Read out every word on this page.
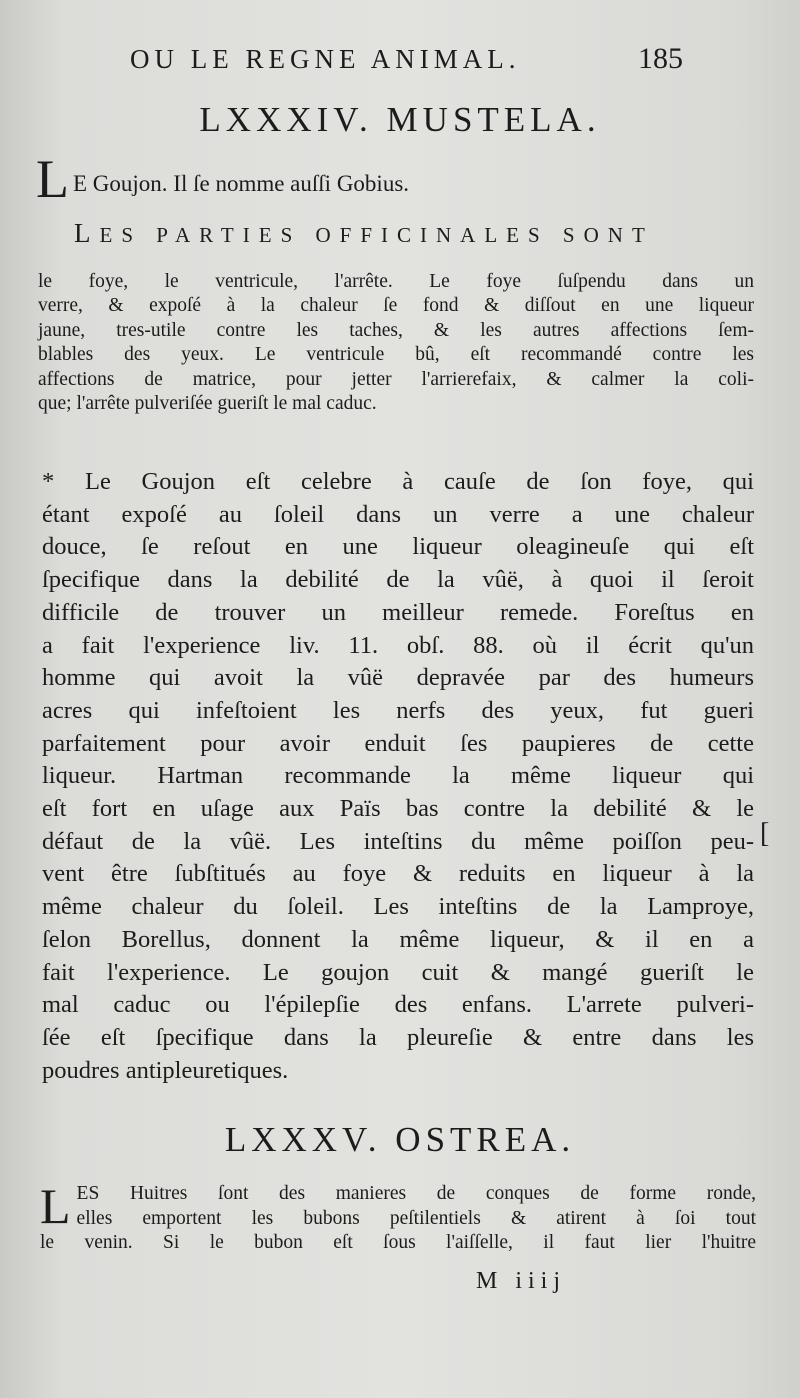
OU LE REGNE ANIMAL.	185
LXXXIV. MUSTELA.
L E Goujon. Il ſe nomme auſſi Gobius.
LES PARTIES OFFICINALES SONT
le foye, le ventricule, l'arrête. Le foye ſuſpendu dans un
verre, & expoſé à la chaleur ſe fond & diſſout en une liqueur
jaune, tres-utile contre les taches, & les autres affections ſem-
blables des yeux. Le ventricule bû, eſt recommandé contre les
affections de matrice, pour jetter l'arrierefaix, & calmer la coli-
que; l'arrête pulveriſée gueriſt le mal caduc.
* Le Goujon eſt celebre à cauſe de ſon foye, qui
étant expoſé au ſoleil dans un verre a une chaleur
douce, ſe reſout en une liqueur oleagineuſe qui eſt
ſpecifique dans la debilité de la vûë, à quoi il ſeroit
difficile de trouver un meilleur remede. Foreſtus en
a fait l'experience liv. 11. obſ. 88. où il écrit qu'un
homme qui avoit la vûë depravée par des humeurs
acres qui infeſtoient les nerfs des yeux, fut gueri
parfaitement pour avoir enduit ſes paupieres de cette
liqueur. Hartman recommande la même liqueur qui
eſt fort en uſage aux Païs bas contre la debilité & le
défaut de la vûë. Les inteſtins du même poiſſon peu-
vent être ſubſtitués au foye & reduits en liqueur à la
même chaleur du ſoleil. Les inteſtins de la Lamproye,
ſelon Borellus, donnent la même liqueur, & il en a
fait l'experience. Le goujon cuit & mangé gueriſt le
mal caduc ou l'épilepſie des enfans. L'arrete pulveri-
ſée eſt ſpecifique dans la pleureſie & entre dans les
poudres antipleuretiques.
[
LXXXV. OSTREA.
L ES Huitres ſont des manieres de conques de forme ronde,
elles emportent les bubons peſtilentiels & atirent à ſoi tout
le venin. Si le bubon eſt ſous l'aiſſelle, il faut lier l'huitre
M iiij
